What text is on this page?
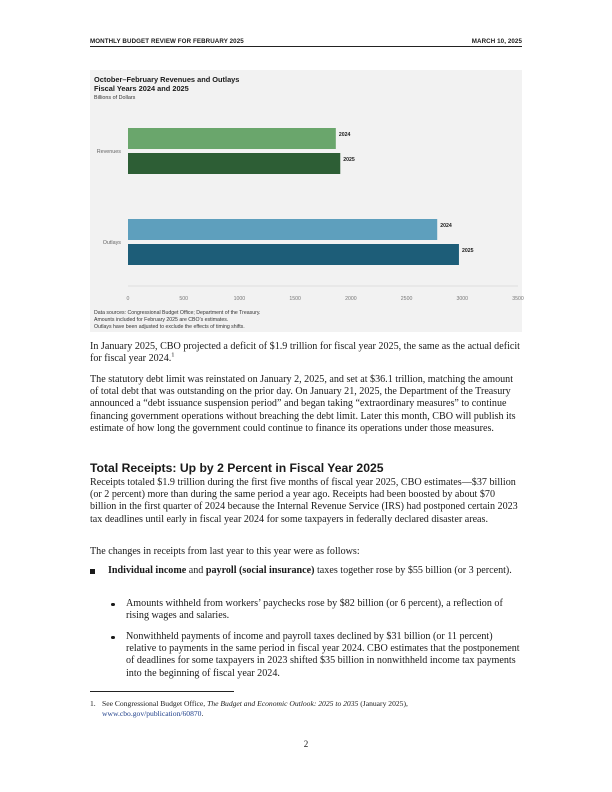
MONTHLY BUDGET REVIEW FOR FEBRUARY 2025	MARCH 10, 2025
October–February Revenues and Outlays
Fiscal Years 2024 and 2025
Billions of Dollars
Revenues
2024
2025
Outlays
2024
2025
0	500	1000	1500	2000	2500	3000	3500
Data sources: Congressional Budget Office; Department of the Treasury.
Amounts included for February 2025 are CBO’s estimates.
Outlays have been adjusted to exclude the effects of timing shifts.

In January 2025, CBO projected a deficit of $1.9 trillion for fiscal year 2025, the same as the actual deficit for fiscal year 2024.$^1$

The statutory debt limit was reinstated on January 2, 2025, and set at $36.1 trillion, matching the amount of total debt that was outstanding on the prior day. On January 21, 2025, the Department of the Treasury announced a “debt issuance suspension period” and began taking “extraordinary measures” to continue financing government operations without breaching the debt limit. Later this month, CBO will publish its estimate of how long the government could continue to finance its operations under those measures.

Total Receipts: Up by 2 Percent in Fiscal Year 2025

Receipts totaled $1.9 trillion during the first five months of fiscal year 2025, CBO estimates—$37 billion (or 2 percent) more than during the same period a year ago. Receipts had been boosted by about $70 billion in the first quarter of 2024 because the Internal Revenue Service (IRS) had postponed certain 2023 tax deadlines until early in fiscal year 2024 for some taxpayers in federally declared disaster areas.

The changes in receipts from last year to this year were as follows:

Individual income and payroll (social insurance) taxes together rose by $55 billion (or 3 percent).
Amounts withheld from workers’ paychecks rose by $82 billion (or 6 percent), a reflection of rising wages and salaries.
Nonwithheld payments of income and payroll taxes declined by $31 billion (or 11 percent) relative to payments in the same period in fiscal year 2024. CBO estimates that the postponement of deadlines for some taxpayers in 2023 shifted $35 billion in nonwithheld income tax payments into the beginning of fiscal year 2024.
1. See Congressional Budget Office, The Budget and Economic Outlook: 2025 to 2035 (January 2025),
www.cbo.gov/publication/60870.
2
